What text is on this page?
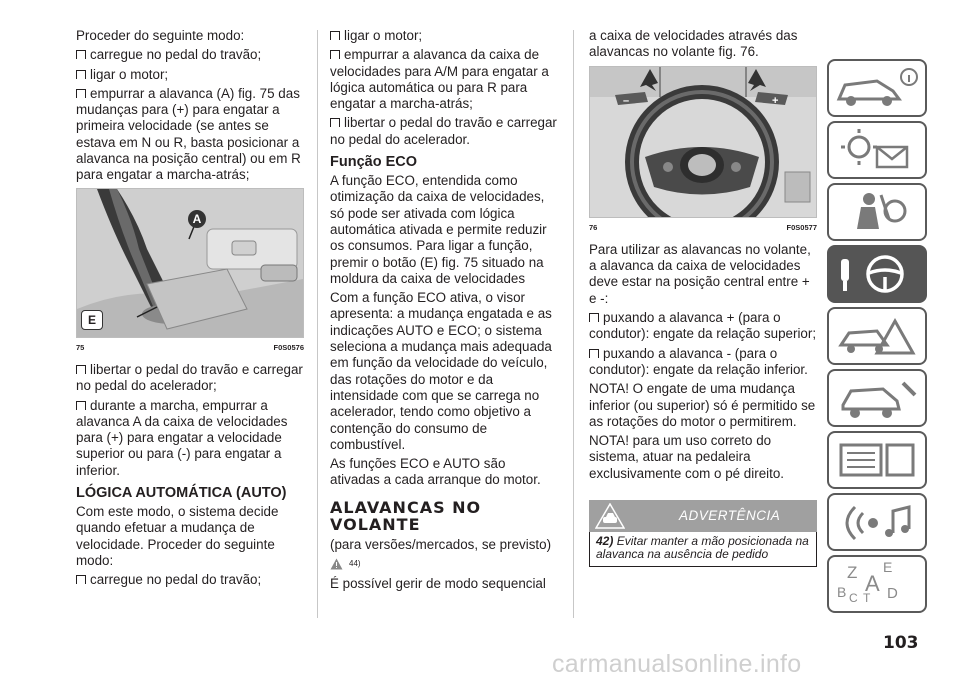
Proceder do seguinte modo:

carregue no pedal do travão;

ligar o motor;

empurrar a alavanca (A) fig. 75 das mudanças para (+) para engatar a primeira velocidade (se antes se estava em N ou R, basta posicionar a alavanca na posição central) ou em R para engatar a marcha-atrás;

A
E
75	F0S0576

libertar o pedal do travão e carregar no pedal do acelerador;

durante a marcha, empurrar a alavanca A da caixa de velocidades para (+) para engatar a velocidade superior ou para (-) para engatar a inferior.

LÓGICA AUTOMÁTICA (AUTO)

Com este modo, o sistema decide quando efetuar a mudança de velocidade. Proceder do seguinte modo:

carregue no pedal do travão;

ligar o motor;

empurrar a alavanca da caixa de velocidades para A/M para engatar a lógica automática ou para R para engatar a marcha-atrás;

libertar o pedal do travão e carregar no pedal do acelerador.

Função ECO

A função ECO, entendida como otimização da caixa de velocidades, só pode ser ativada com lógica automática ativada e permite reduzir os consumos. Para ligar a função, premir o botão (E) fig. 75 situado na moldura da caixa de velocidades

Com a função ECO ativa, o visor apresenta: a mudança engatada e as indicações AUTO e ECO; o sistema seleciona a mudança mais adequada em função da velocidade do veículo, das rotações do motor e da intensidade com que se carrega no acelerador, tendo como objetivo a contenção do consumo de combustível.

As funções ECO e AUTO são ativadas a cada arranque do motor.

ALAVANCAS NO VOLANTE

(para versões/mercados, se previsto)

44)

É possível gerir de modo sequencial

a caixa de velocidades através das alavancas no volante fig. 76.

–	+
76	F0S0577

Para utilizar as alavancas no volante, a alavanca da caixa de velocidades deve estar na posição central entre + e -:

puxando a alavanca + (para o condutor): engate da relação superior;

puxando a alavanca - (para o condutor): engate da relação inferior.

NOTA! O engate de uma mudança inferior (ou superior) só é permitido se as rotações do motor o permitirem.

NOTA! para um uso correto do sistema, atuar na pedaleira exclusivamente com o pé direito.

ADVERTÊNCIA
42) Evitar manter a mão posicionada na alavanca na ausência de pedido
Z E
A
B C T D
103
carmanualsonline.info
